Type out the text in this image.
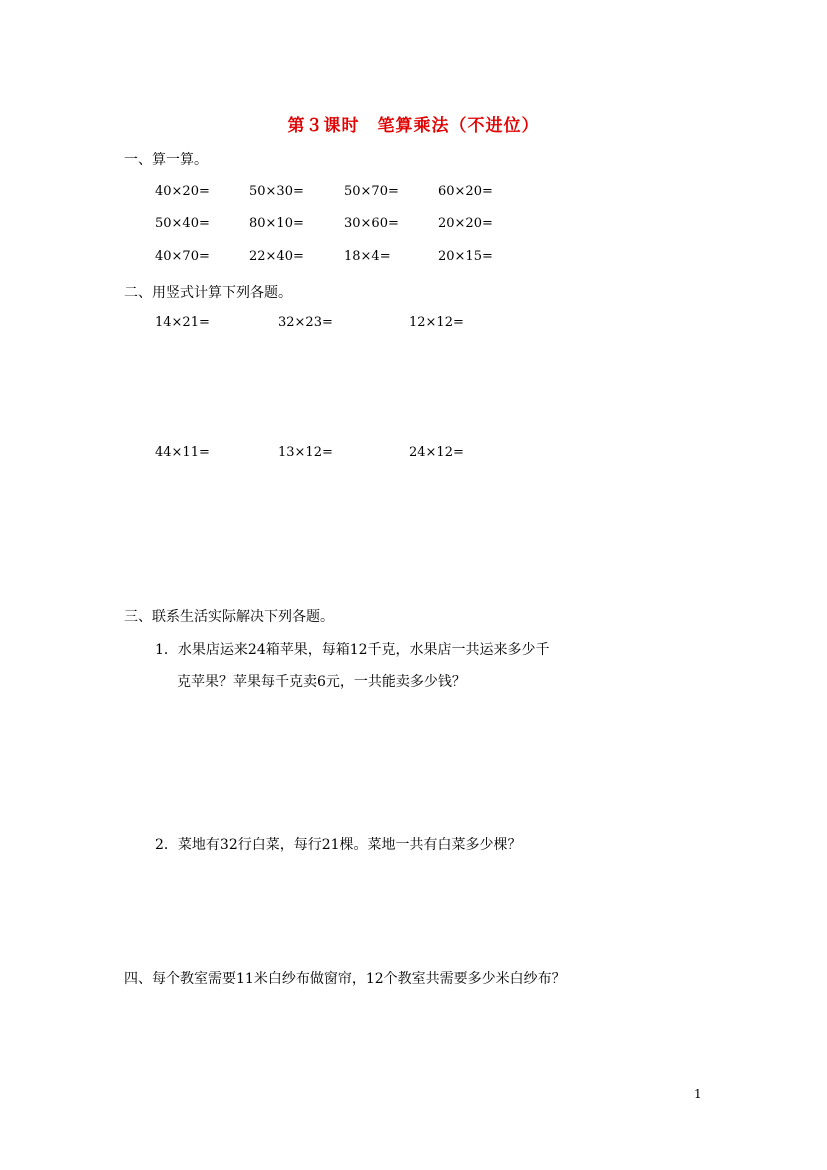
第３课时　笔算乘法（不进位）
一、算一算。
40×20=	50×30=	50×70=	60×20=
50×40=	80×10=	30×60=	20×20=
40×70=	22×40=	18×4=	20×15=
二、用竖式计算下列各题。
14×21=	32×23=	12×12=
44×11=	13×12=	24×12=
三、联系生活实际解决下列各题。
1．水果店运来24箱苹果，每箱12千克，水果店一共运来多少千
克苹果？苹果每千克卖6元，一共能卖多少钱？
2．菜地有32行白菜，每行21棵。菜地一共有白菜多少棵？
四、每个教室需要11米白纱布做窗帘，12个教室共需要多少米白纱布？
1
